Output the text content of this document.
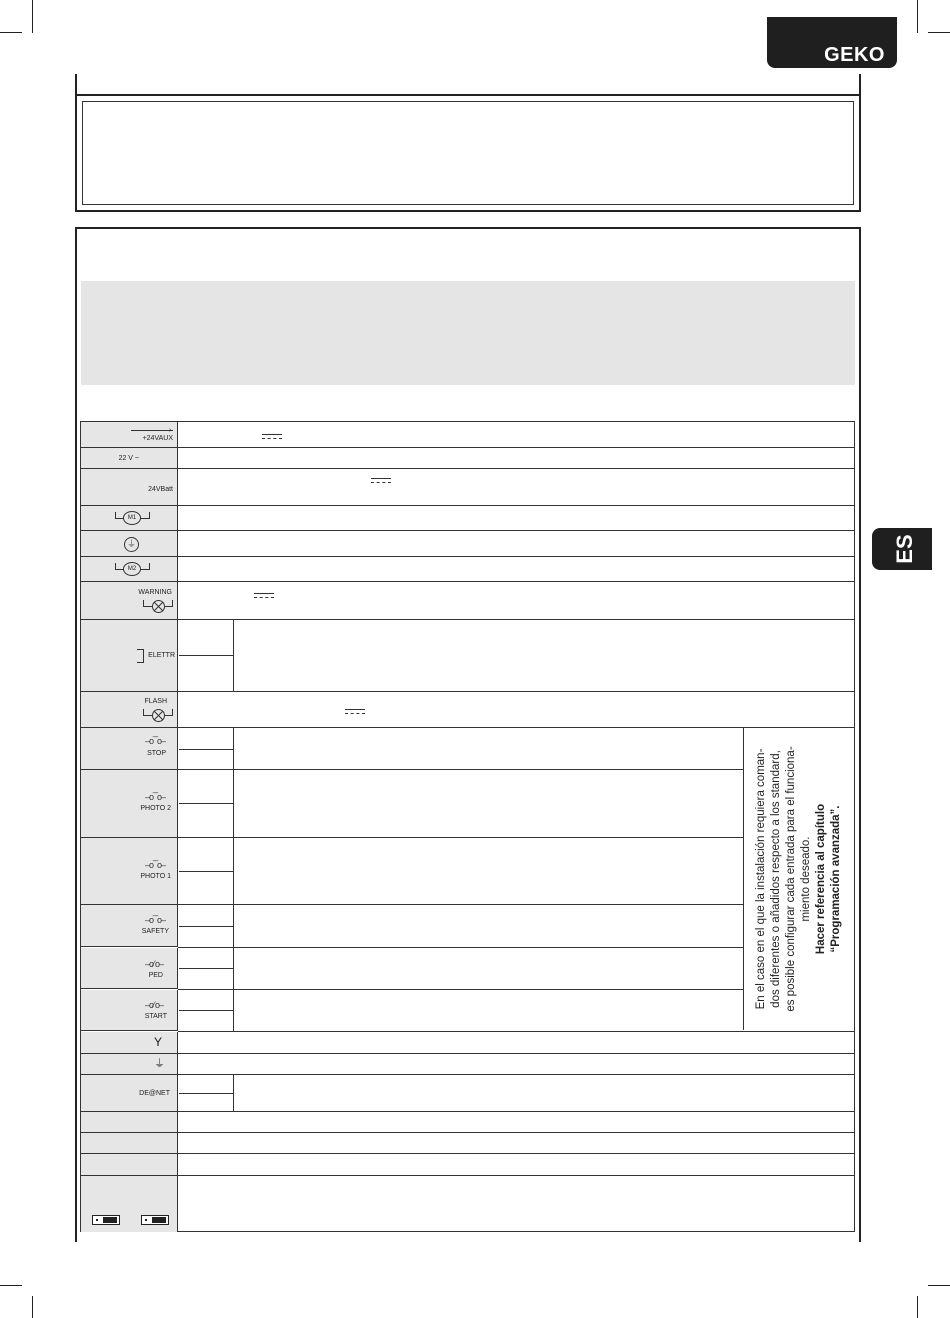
GEKO
ES
›
+24VAUX
22 V ~
24VBatt
M1
⏚
M2
WARNING
ELETTR
FLASH
–o‾‾o–
STOP
–o‾‾o–
PHOTO 2
–o‾‾o–
PHOTO 1
–o‾‾o–
SAFETY
–o⁄ o–
PED
–o⁄ o–
START
Y
⏚
DE@NET
En el caso en el que la instalación requiera coman- dos diferentes o añadidos respecto a los standard, es posible configurar cada entrada para el funciona- miento deseado. Hacer referencia al capítulo “Programación avanzada”.
